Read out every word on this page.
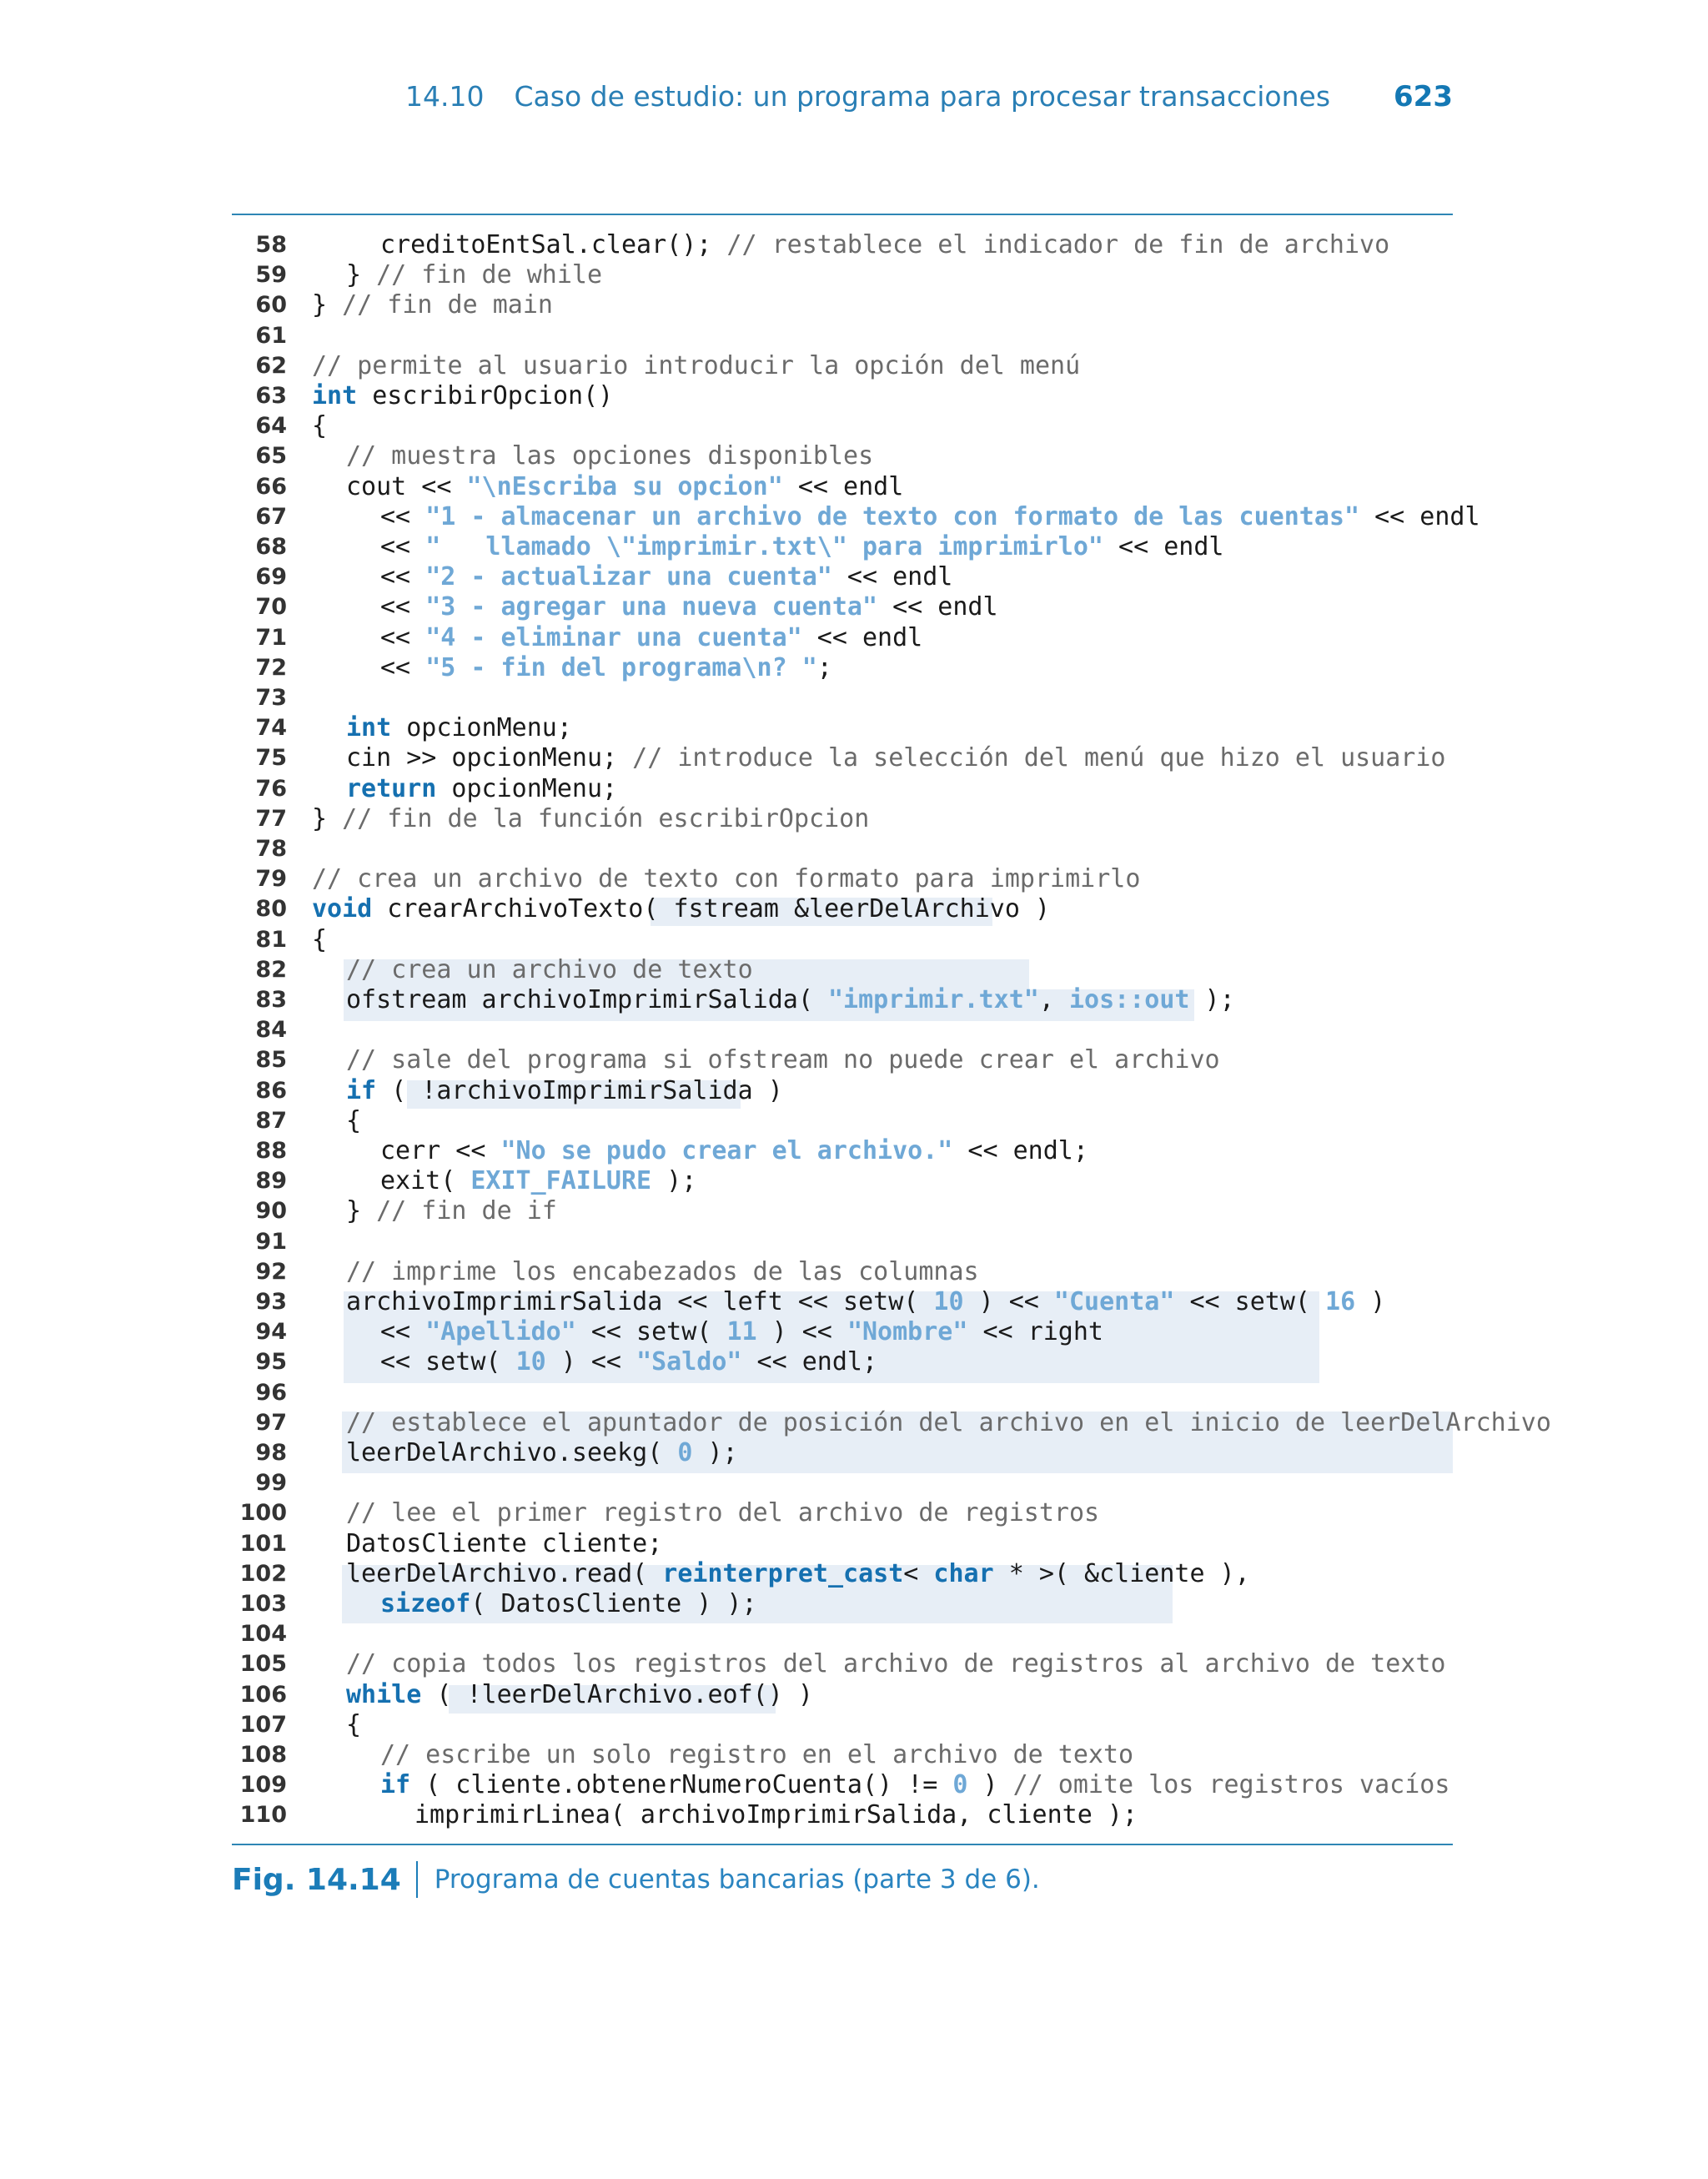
14.10 Caso de estudio: un programa para procesar transacciones 623
58	creditoEntSal.clear(); // restablece el indicador de fin de archivo
59 } // fin de while
60 } // fin de main
61
62 // permite al usuario introducir la opción del menú
63 int escribirOpcion()
64 {
65 // muestra las opciones disponibles
66 cout << "\nEscriba su opcion" << endl
67	<< "1 - almacenar un archivo de texto con formato de las cuentas" << endl
68	<< "   llamado \"imprimir.txt\" para imprimirlo" << endl
69	<< "2 - actualizar una cuenta" << endl
70	<< "3 - agregar una nueva cuenta" << endl
71	<< "4 - eliminar una cuenta" << endl
72	<< "5 - fin del programa\n? ";
73
74 int opcionMenu;
75 cin >> opcionMenu; // introduce la selección del menú que hizo el usuario
76 return opcionMenu;
77 } // fin de la función escribirOpcion
78
79 // crea un archivo de texto con formato para imprimirlo
80 void crearArchivoTexto( fstream &leerDelArchivo )
81 {
82 // crea un archivo de texto
83 ofstream archivoImprimirSalida( "imprimir.txt", ios::out );
84
85 // sale del programa si ofstream no puede crear el archivo
86 if ( !archivoImprimirSalida )
87 {
88	cerr << "No se pudo crear el archivo." << endl;
89	exit( EXIT_FAILURE );
90 } // fin de if
91
92 // imprime los encabezados de las columnas
93 archivoImprimirSalida << left << setw( 10 ) << "Cuenta" << setw( 16 )
94	<< "Apellido" << setw( 11 ) << "Nombre" << right
95	<< setw( 10 ) << "Saldo" << endl;
96
97 // establece el apuntador de posición del archivo en el inicio de leerDelArchivo
98 leerDelArchivo.seekg( 0 );
99
100 // lee el primer registro del archivo de registros
101 DatosCliente cliente;
102 leerDelArchivo.read( reinterpret_cast< char * >( &cliente ),
103	sizeof( DatosCliente ) );
104
105 // copia todos los registros del archivo de registros al archivo de texto
106 while ( !leerDelArchivo.eof() )
107 {
108	// escribe un solo registro en el archivo de texto
109	if ( cliente.obtenerNumeroCuenta() != 0 ) // omite los registros vacíos
110	imprimirLinea( archivoImprimirSalida, cliente );
Fig. 14.14 Programa de cuentas bancarias (parte 3 de 6).
